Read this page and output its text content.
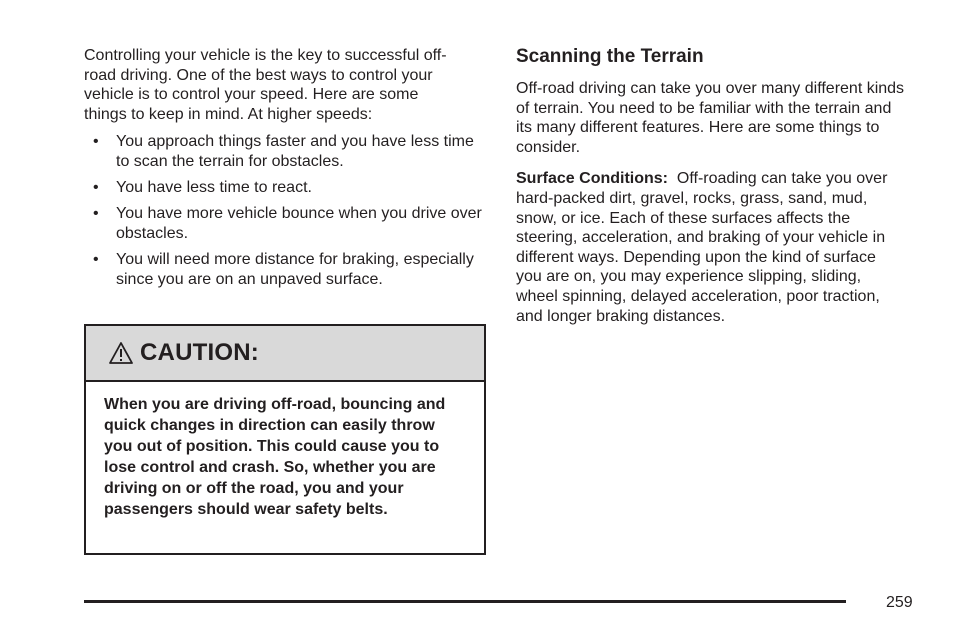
Controlling your vehicle is the key to successful off-road driving. One of the best ways to control your vehicle is to control your speed. Here are some things to keep in mind. At higher speeds:

• You approach things faster and you have less time to scan the terrain for obstacles.
• You have less time to react.
• You have more vehicle bounce when you drive over obstacles.
• You will need more distance for braking, especially since you are on an unpaved surface.
CAUTION:

When you are driving off-road, bouncing and quick changes in direction can easily throw you out of position. This could cause you to lose control and crash. So, whether you are driving on or off the road, you and your passengers should wear safety belts.

Scanning the Terrain

Off-road driving can take you over many different kinds of terrain. You need to be familiar with the terrain and its many different features. Here are some things to consider.

Surface Conditions: Off-roading can take you over hard-packed dirt, gravel, rocks, grass, sand, mud, snow, or ice. Each of these surfaces affects the steering, acceleration, and braking of your vehicle in different ways. Depending upon the kind of surface you are on, you may experience slipping, sliding, wheel spinning, delayed acceleration, poor traction, and longer braking distances.

259
